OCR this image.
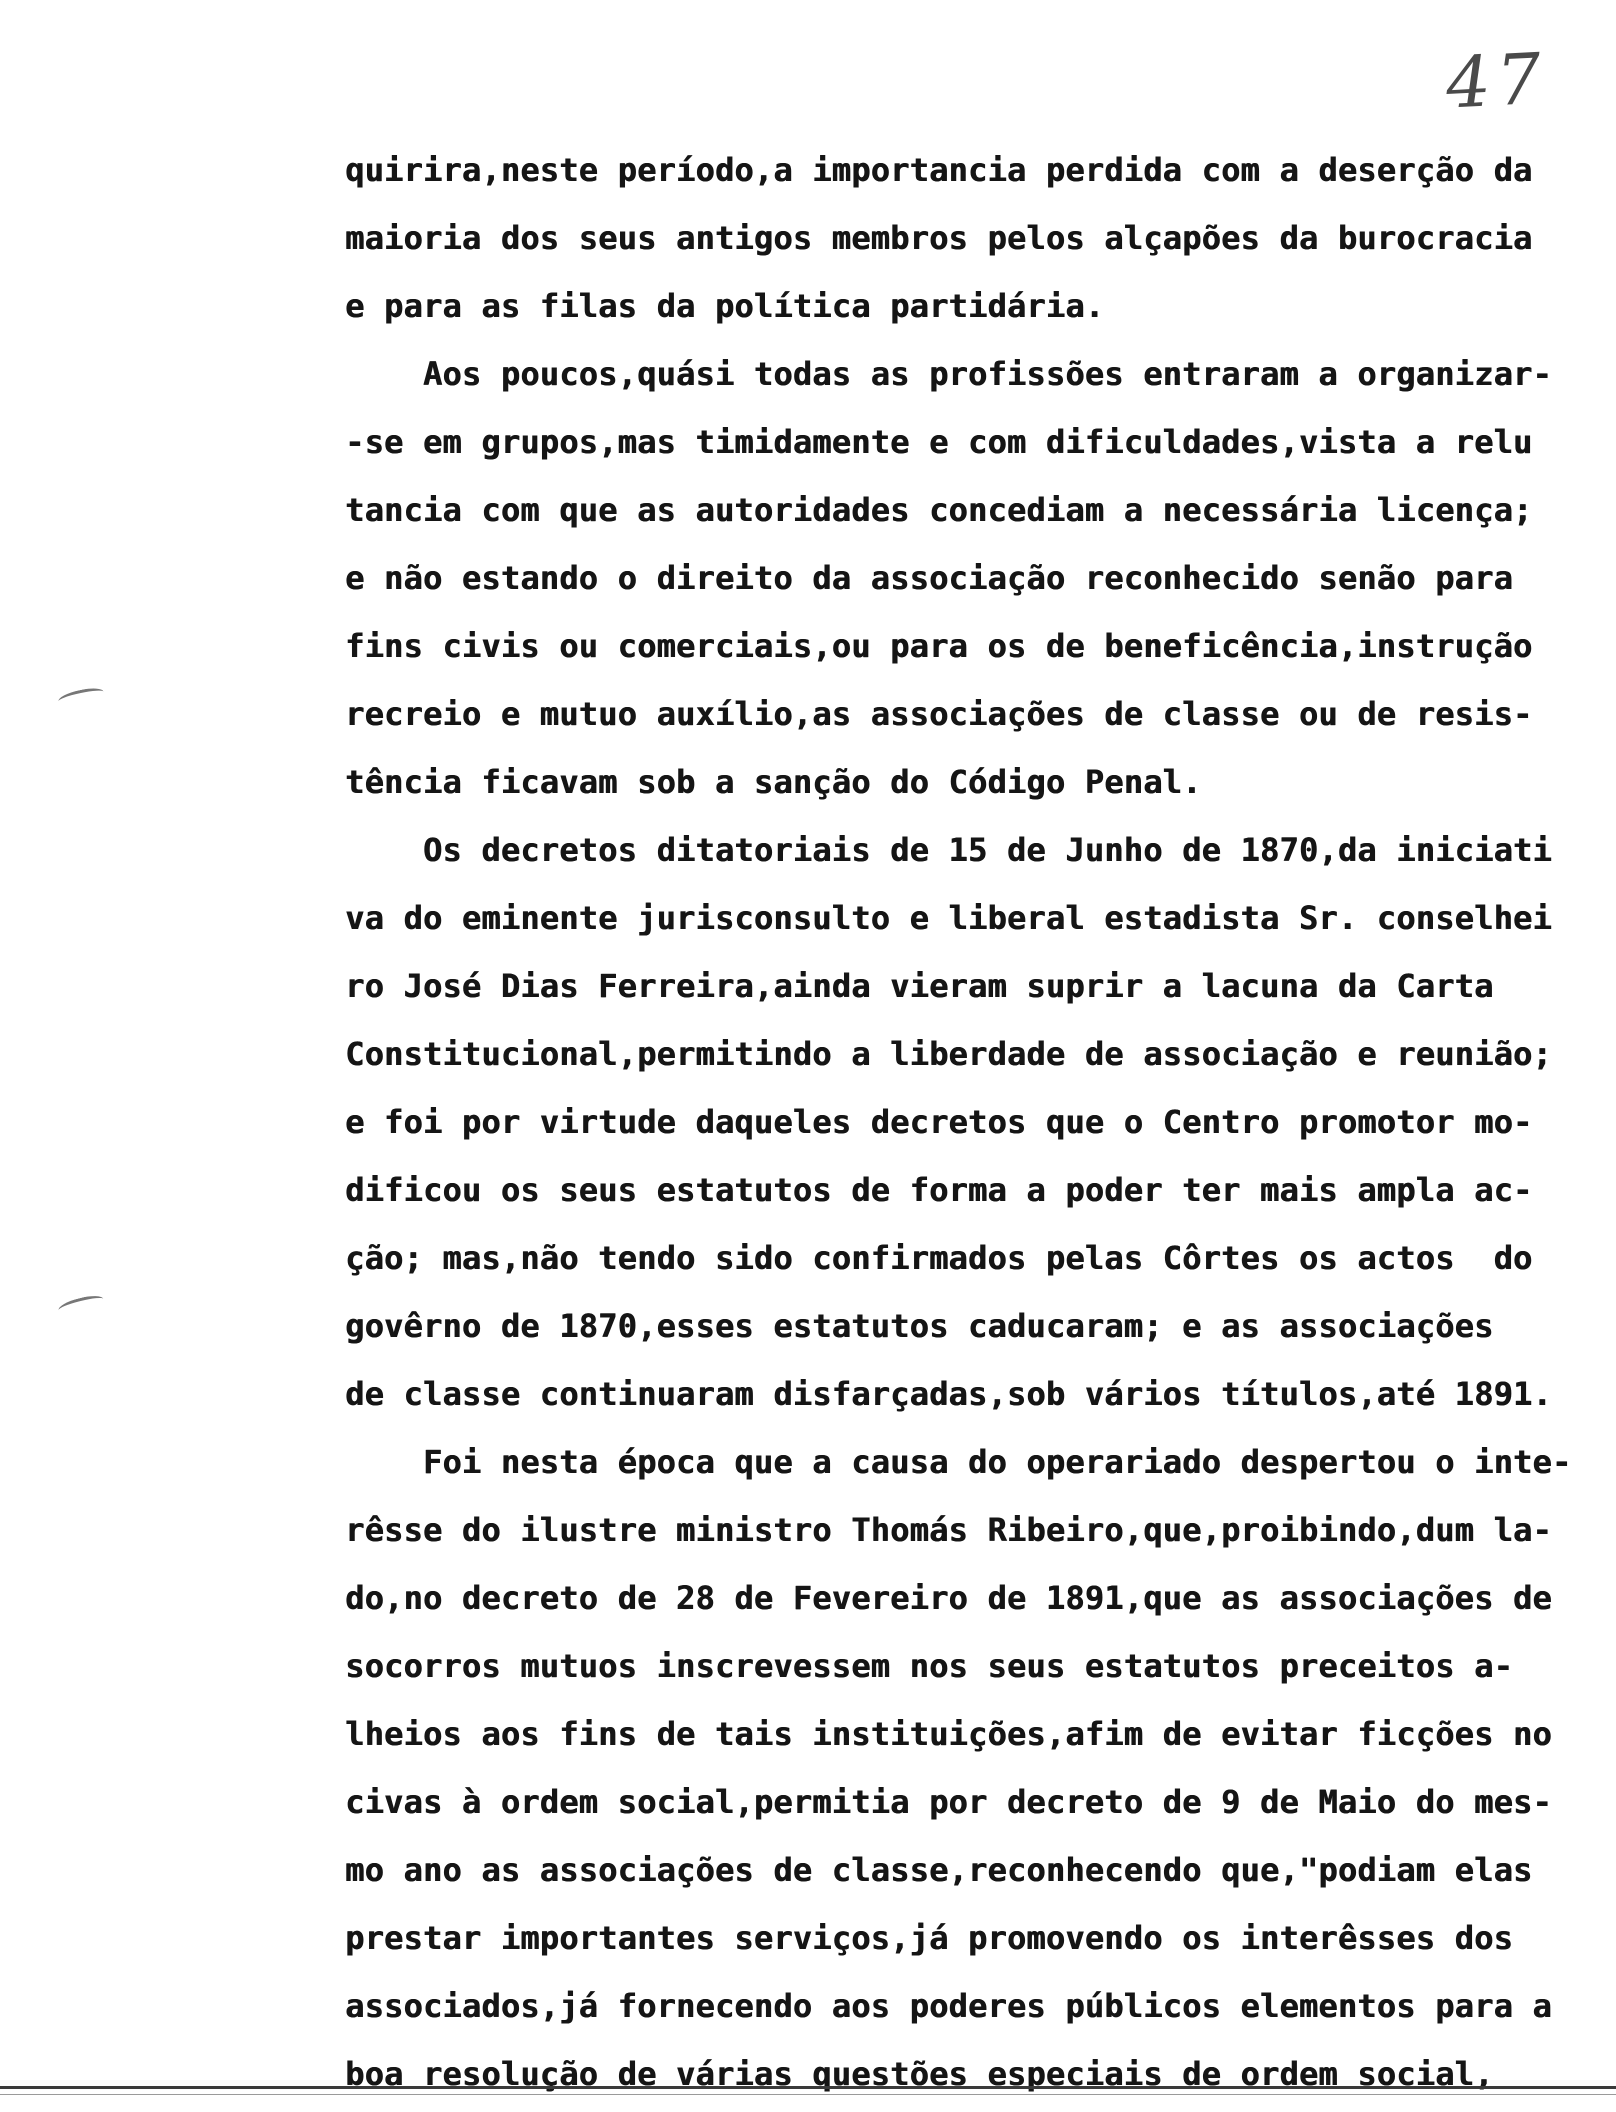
47
quirira,neste período,a importancia perdida com a deserção da
maioria dos seus antigos membros pelos alçapões da burocracia
e para as filas da política partidária.
Aos poucos,quási todas as profissões entraram a organizar-
-se em grupos,mas timidamente e com dificuldades,vista a relu
tancia com que as autoridades concediam a necessária licença;
e não estando o direito da associação reconhecido senão para
fins civis ou comerciais,ou para os de beneficência,instrução
recreio e mutuo auxílio,as associações de classe ou de resis-
tência ficavam sob a sanção do Código Penal.
Os decretos ditatoriais de 15 de Junho de 1870,da iniciati
va do eminente jurisconsulto e liberal estadista Sr. conselhei
ro José Dias Ferreira,ainda vieram suprir a lacuna da Carta
Constitucional,permitindo a liberdade de associação e reunião;
e foi por virtude daqueles decretos que o Centro promotor mo-
dificou os seus estatutos de forma a poder ter mais ampla ac-
ção; mas,não tendo sido confirmados pelas Côrtes os actos  do
govêrno de 1870,esses estatutos caducaram; e as associações
de classe continuaram disfarçadas,sob vários títulos,até 1891.
Foi nesta época que a causa do operariado despertou o inte-
rêsse do ilustre ministro Thomás Ribeiro,que,proibindo,dum la-
do,no decreto de 28 de Fevereiro de 1891,que as associações de
socorros mutuos inscrevessem nos seus estatutos preceitos a-
lheios aos fins de tais instituições,afim de evitar ficções no
civas à ordem social,permitia por decreto de 9 de Maio do mes-
mo ano as associações de classe,reconhecendo que,"podiam elas
prestar importantes serviços,já promovendo os interêsses dos
associados,já fornecendo aos poderes públicos elementos para a
boa resolução de várias questões especiais de ordem social,
